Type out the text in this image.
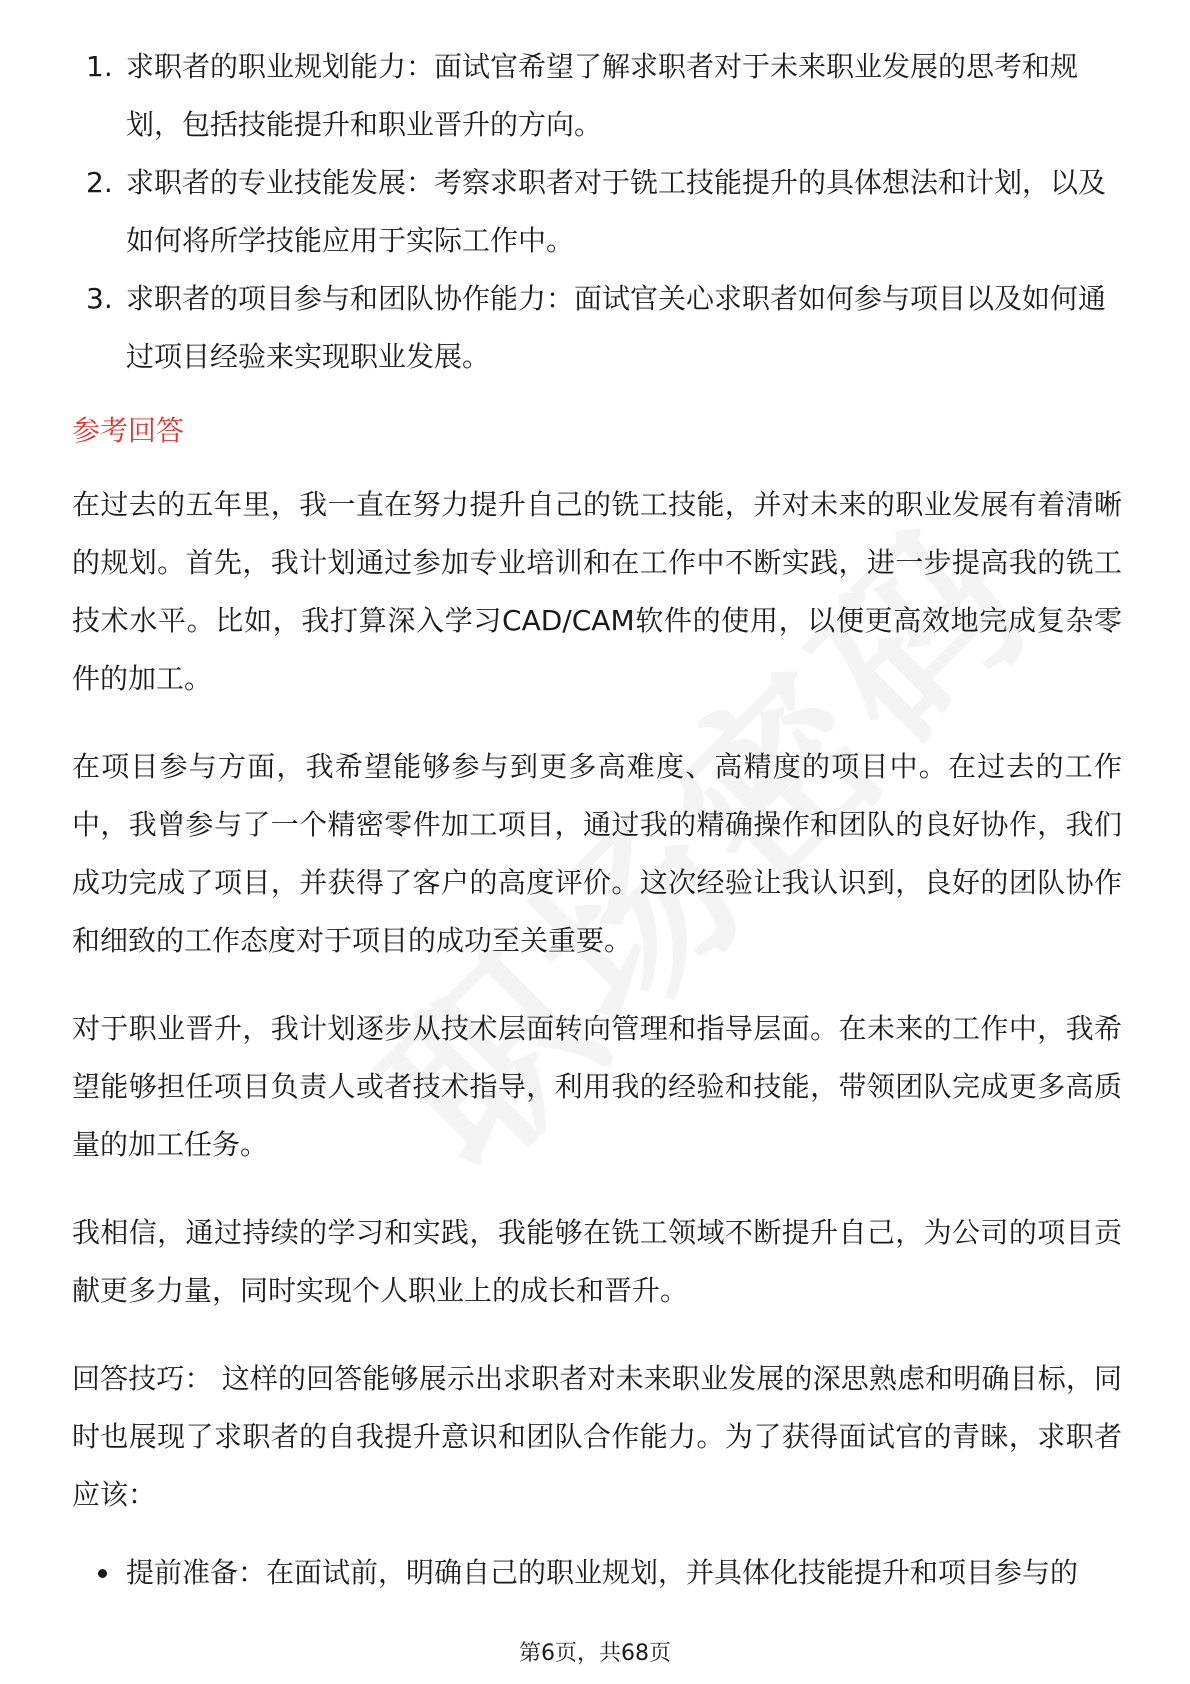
1. 求职者的职业规划能力：面试官希望了解求职者对于未来职业发展的思考和规划，包括技能提升和职业晋升的方向。
2. 求职者的专业技能发展：考察求职者对于铣工技能提升的具体想法和计划，以及如何将所学技能应用于实际工作中。
3. 求职者的项目参与和团队协作能力：面试官关心求职者如何参与项目以及如何通过项目经验来实现职业发展。
参考回答

在过去的五年里，我一直在努力提升自己的铣工技能，并对未来的职业发展有着清晰的规划。首先，我计划通过参加专业培训和在工作中不断实践，进一步提高我的铣工技术水平。比如，我打算深入学习CAD/CAM软件的使用，以便更高效地完成复杂零件的加工。

在项目参与方面，我希望能够参与到更多高难度、高精度的项目中。在过去的工作中，我曾参与了一个精密零件加工项目，通过我的精确操作和团队的良好协作，我们成功完成了项目，并获得了客户的高度评价。这次经验让我认识到，良好的团队协作和细致的工作态度对于项目的成功至关重要。

对于职业晋升，我计划逐步从技术层面转向管理和指导层面。在未来的工作中，我希望能够担任项目负责人或者技术指导，利用我的经验和技能，带领团队完成更多高质量的加工任务。

我相信，通过持续的学习和实践，我能够在铣工领域不断提升自己，为公司的项目贡献更多力量，同时实现个人职业上的成长和晋升。

回答技巧： 这样的回答能够展示出求职者对未来职业发展的深思熟虑和明确目标，同时也展现了求职者的自我提升意识和团队合作能力。为了获得面试官的青睐，求职者应该：

提前准备：在面试前，明确自己的职业规划，并具体化技能提升和项目参与的
第6页，共68页
